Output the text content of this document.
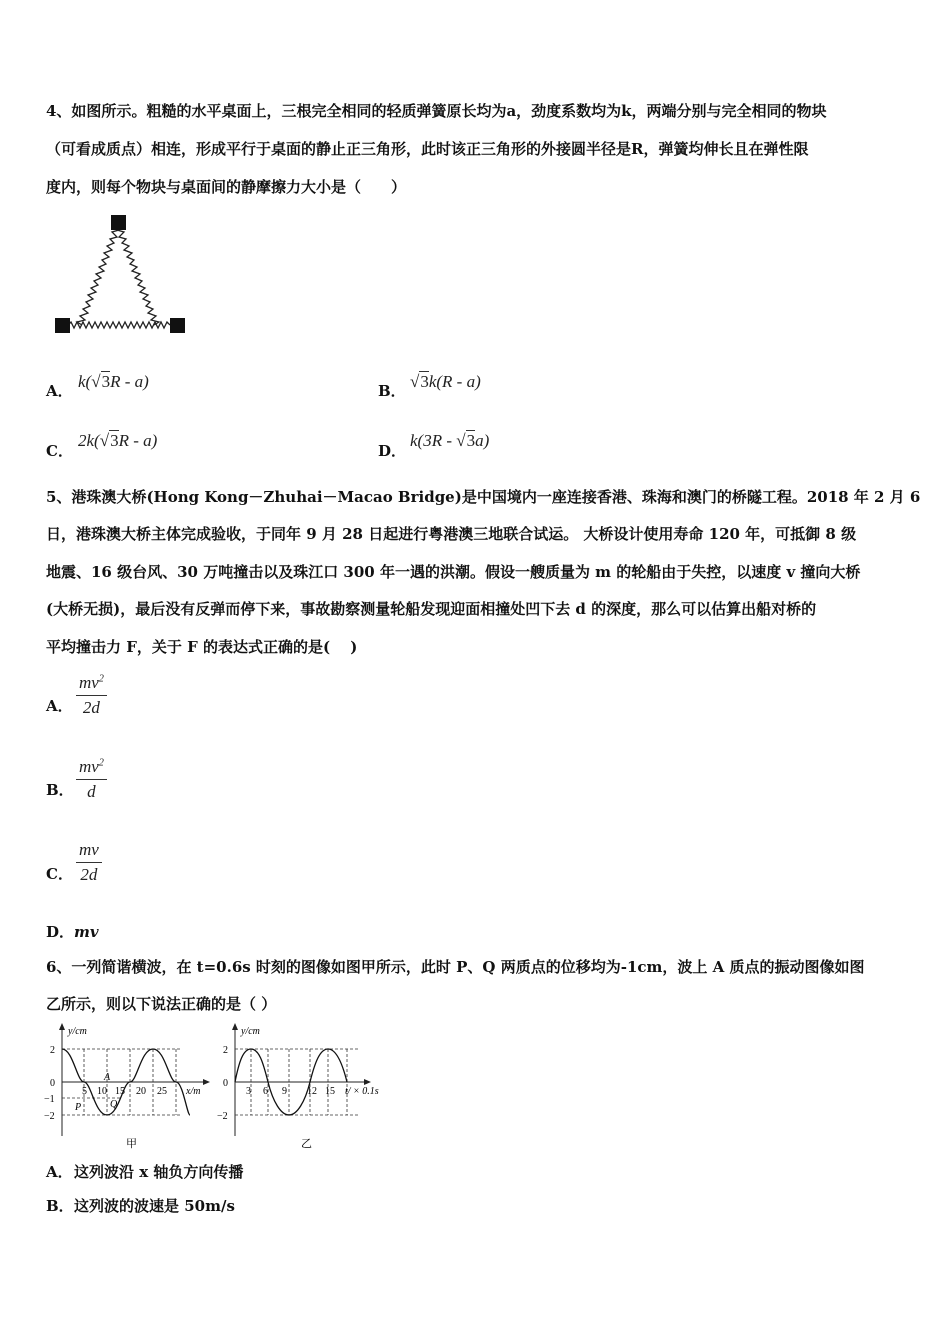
4、如图所示。粗糙的水平桌面上，三根完全相同的轻质弹簧原长均为a，劲度系数均为k，两端分别与完全相同的物块
（可看成质点）相连，形成平行于桌面的静止正三角形，此时该正三角形的外接圆半径是R，弹簧均伸长且在弹性限
度内，则每个物块与桌面间的静摩擦力大小是（　　）
A． k(√3R - a)	B． √3k(R - a)
C．
2k(√3R - a)
D．
k(3R - √3a)
5、港珠澳大桥(Hong Kong－Zhuhai－Macao Bridge)是中国境内一座连接香港、珠海和澳门的桥隧工程。2018 年 2 月 6
日，港珠澳大桥主体完成验收，于同年 9 月 28 日起进行粤港澳三地联合试运。 大桥设计使用寿命 120 年，可抵御 8 级
地震、16 级台风、30 万吨撞击以及珠江口 300 年一遇的洪潮。假设一艘质量为 m 的轮船由于失控，以速度 v 撞向大桥
(大桥无损)，最后没有反弹而停下来，事故勘察测量轮船发现迎面相撞处凹下去 d 的深度，那么可以估算出船对桥的
平均撞击力 F，关于 F 的表达式正确的是(　 )
A． $\frac{mv^2}{2d}$
B． $\frac{mv^2}{d}$
C． $\frac{mv}{2d}$
D． mv
6、一列简谐横波，在 t=0.6s 时刻的图像如图甲所示，此时 P、Q 两质点的位移均为-1cm，波上 A 质点的振动图像如图
乙所示，则以下说法正确的是（ ）
y/cm
2
0
−1
−2
5 10 15 20 25 x/m
A
P	Q
甲
y/cm
2
0
−2
3 6 9 12 15 t/ × 0.1s
乙
A． 这列波沿 x 轴负方向传播
B． 这列波的波速是 50m/s
